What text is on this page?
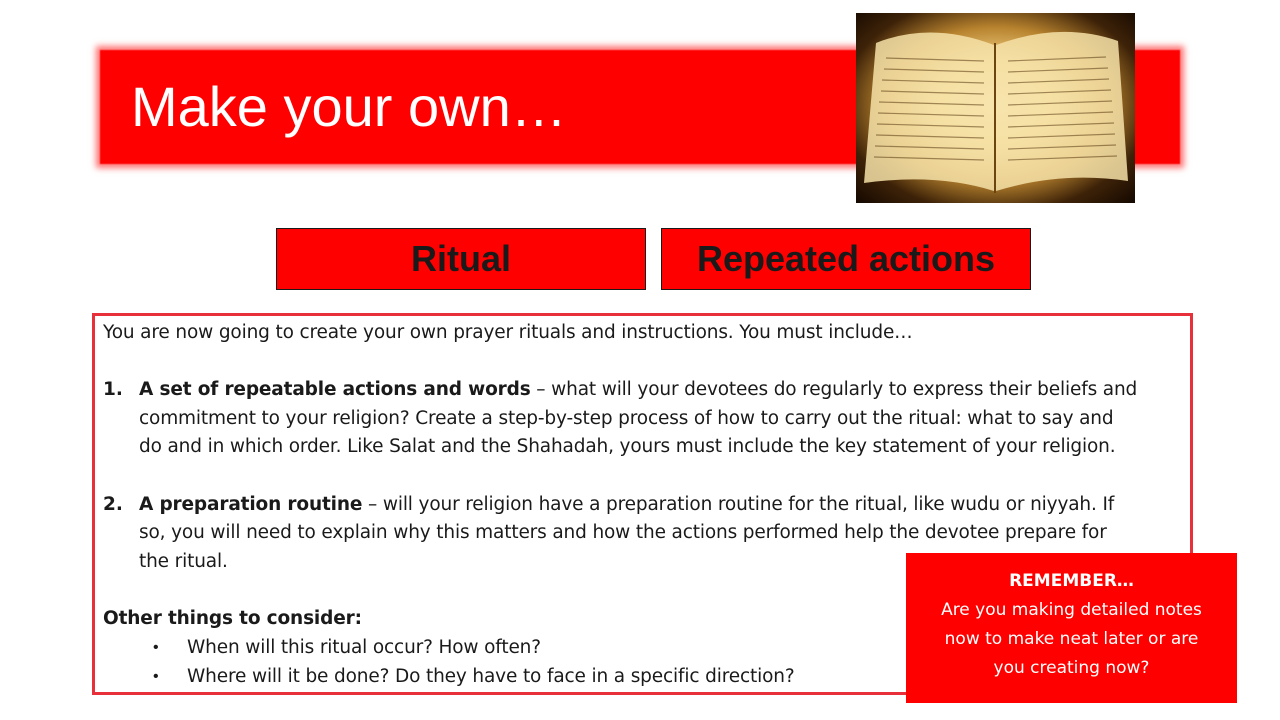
Make your own…
Ritual	Repeated actions
You are now going to create your own prayer rituals and instructions. You must include…
1. A set of repeatable actions and words – what will your devotees do regularly to express their beliefs and
commitment to your religion? Create a step-by-step process of how to carry out the ritual: what to say and
do and in which order. Like Salat and the Shahadah, yours must include the key statement of your religion.
2. A preparation routine – will your religion have a preparation routine for the ritual, like wudu or niyyah. If
so, you will need to explain why this matters and how the actions performed help the devotee prepare for
the ritual.
Other things to consider:
• When will this ritual occur? How often?
• Where will it be done? Do they have to face in a specific direction?
REMEMBER…
Are you making detailed notes
now to make neat later or are
you creating now?
